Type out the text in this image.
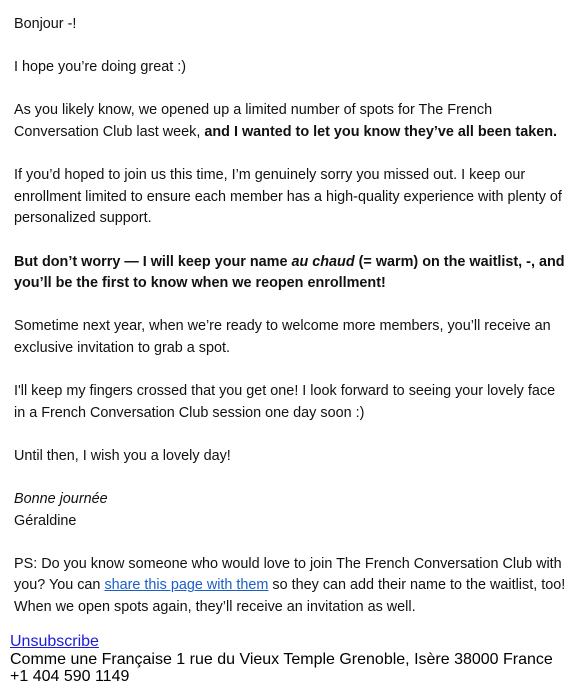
Bonjour -!

I hope you’re doing great :)

As you likely know, we opened up a limited number of spots for The French Conversation Club last week, and I wanted to let you know they’ve all been taken.

If you’d hoped to join us this time, I’m genuinely sorry you missed out. I keep our enrollment limited to ensure each member has a high-quality experience with plenty of personalized support.

But don’t worry — I will keep your name au chaud (= warm) on the waitlist, -, and you’ll be the first to know when we reopen enrollment!

Sometime next year, when we’re ready to welcome more members, you’ll receive an exclusive invitation to grab a spot.

I'll keep my fingers crossed that you get one! I look forward to seeing your lovely face in a French Conversation Club session one day soon :)

Until then, I wish you a lovely day!

Bonne journée

Géraldine

PS: Do you know someone who would love to join The French Conversation Club with you? You can share this page with them so they can add their name to the waitlist, too! When we open spots again, they’ll receive an invitation as well.

Unsubscribe
Comme une Française 1 rue du Vieux Temple Grenoble, Isère 38000 France +1 404 590 1149
